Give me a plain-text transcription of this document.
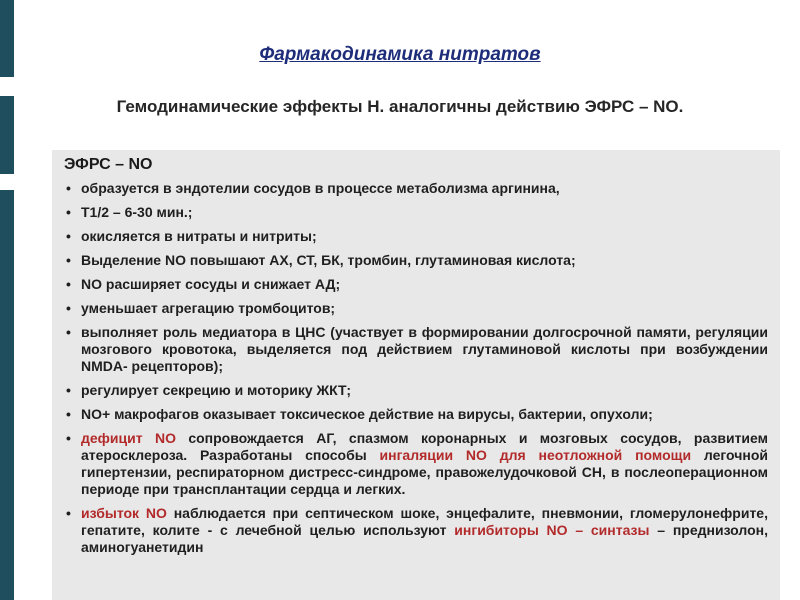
Фармакодинамика нитратов
Гемодинамические эффекты Н. аналогичны действию ЭФРС – NO.
ЭФРС – NO
• образуется в эндотелии сосудов в процессе метаболизма аргинина,
• T1/2 – 6-30 мин.;
• окисляется в нитраты и нитриты;
• Выделение NO повышают АХ, СТ, БК, тромбин, глутаминовая кислота;
• NO расширяет сосуды и снижает АД;
• уменьшает агрегацию тромбоцитов;
• выполняет роль медиатора в ЦНС (участвует в формировании долгосрочной памяти, регуляции мозгового кровотока, выделяется под действием глутаминовой кислоты при возбуждении NMDA- рецепторов);
• регулирует секрецию и моторику ЖКТ;
• NO+ макрофагов оказывает токсическое действие на вирусы, бактерии, опухоли;
• дефицит NO сопровождается АГ, спазмом коронарных и мозговых сосудов, развитием атеросклероза. Разработаны способы ингаляции NO для неотложной помощи легочной гипертензии, респираторном дистресс-синдроме, правожелудочковой СН, в послеоперационном периоде при трансплантации сердца и легких.
• избыток NO наблюдается при септическом шоке, энцефалите, пневмонии, гломерулонефрите, гепатите, колите - с лечебной целью используют ингибиторы NO – синтазы – преднизолон, аминогуанетидин
